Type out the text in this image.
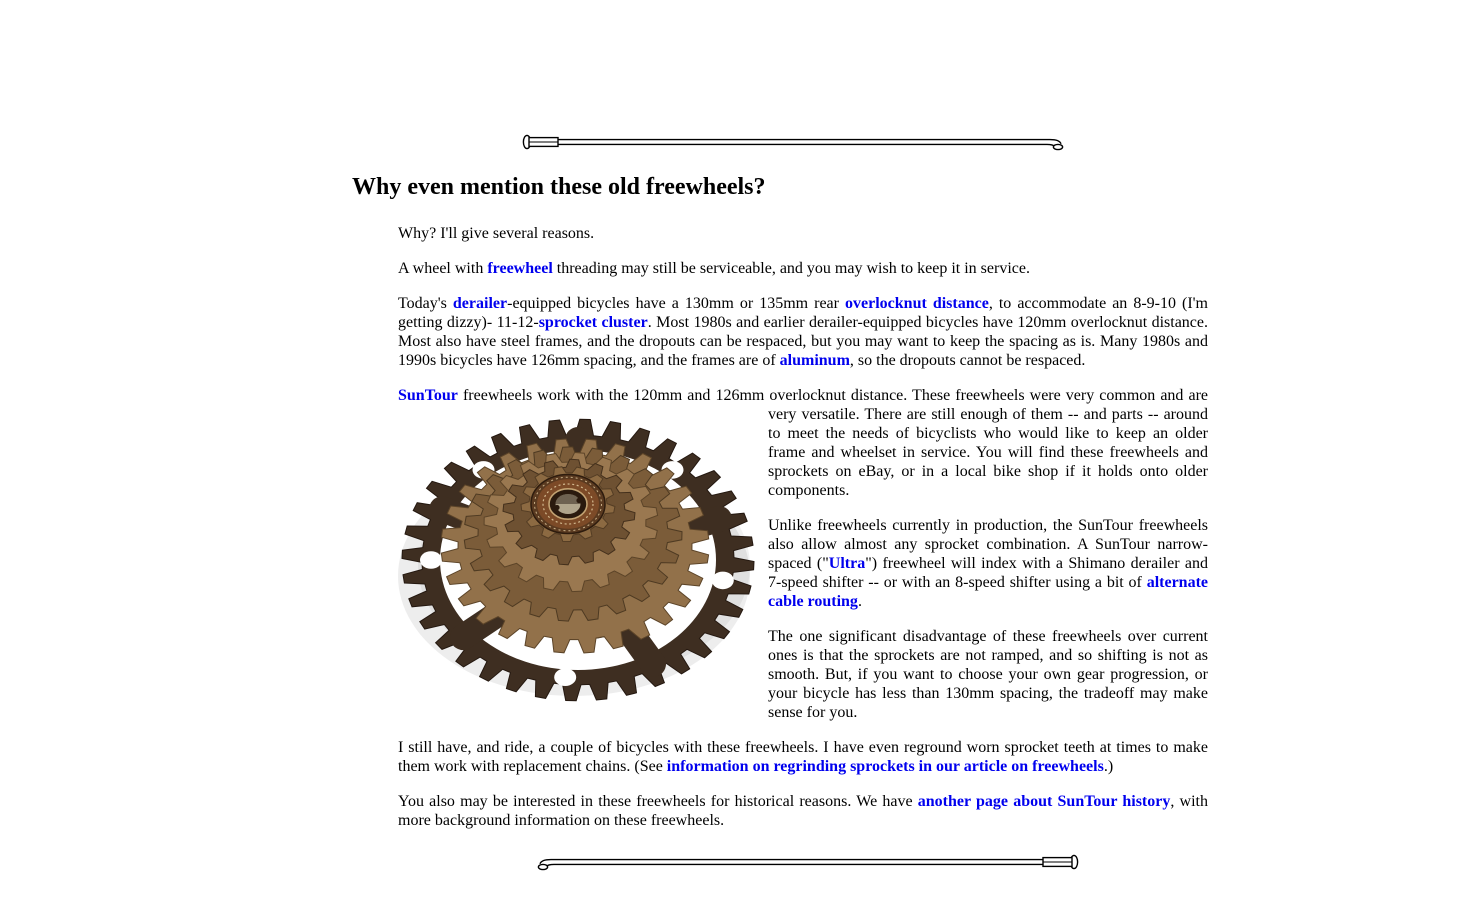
Why even mention these old freewheels?

Why? I'll give several reasons.

A wheel with freewheel threading may still be serviceable, and you may wish to keep it in service.

Today's derailer-equipped bicycles have a 130mm or 135mm rear overlocknut distance, to accommodate an 8-9-10 (I'm getting dizzy)- 11-12-sprocket cluster. Most 1980s and earlier derailer-equipped bicycles have 120mm overlocknut distance. Most also have steel frames, and the dropouts can be respaced, but you may want to keep the spacing as is. Many 1980s and 1990s bicycles have 126mm spacing, and the frames are of aluminum, so the dropouts cannot be respaced.

SunTour freewheels work with the 120mm and 126mm overlocknut distance. These freewheels were very common and are
very versatile. There are still enough of them -- and parts -- around to meet the needs of bicyclists who would like to keep an older frame and wheelset in service. You will find these freewheels and sprockets on eBay, or in a local bike shop if it holds onto older components.

Unlike freewheels currently in production, the SunTour freewheels also allow almost any sprocket combination. A SunTour narrow-spaced ("Ultra") freewheel will index with a Shimano derailer and 7-speed shifter -- or with an 8-speed shifter using a bit of alternate cable routing.

The one significant disadvantage of these freewheels over current ones is that the sprockets are not ramped, and so shifting is not as smooth. But, if you want to choose your own gear progression, or your bicycle has less than 130mm spacing, the tradeoff may make sense for you.

I still have, and ride, a couple of bicycles with these freewheels. I have even reground worn sprocket teeth at times to make them work with replacement chains. (See information on regrinding sprockets in our article on freewheels.)

You also may be interested in these freewheels for historical reasons. We have another page about SunTour history, with more background information on these freewheels.
